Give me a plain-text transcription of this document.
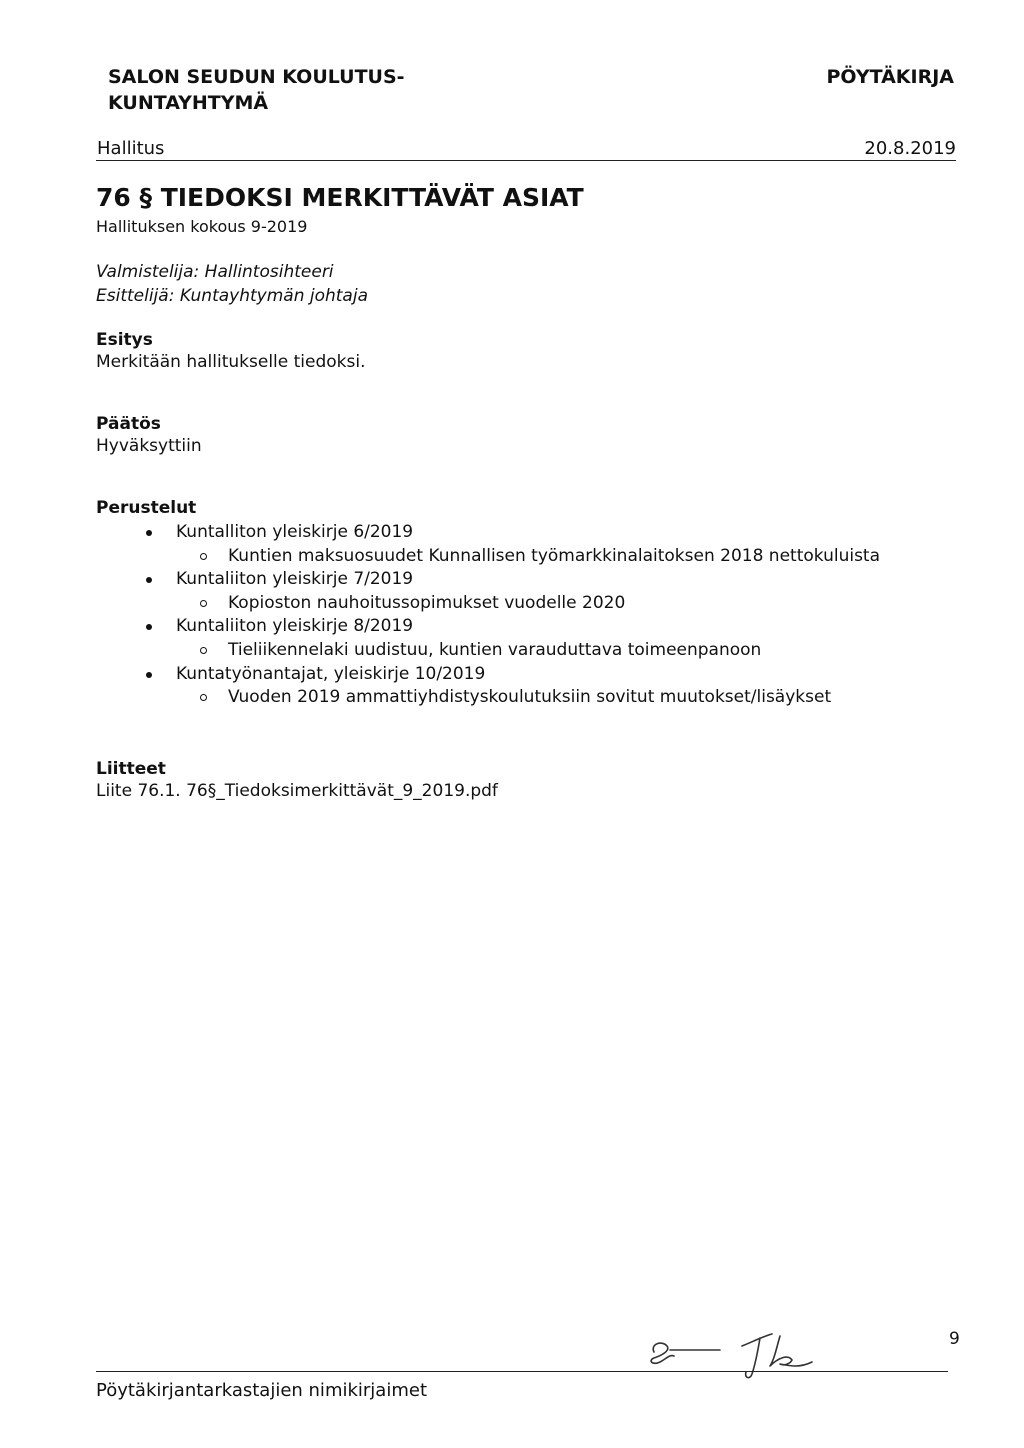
SALON SEUDUN KOULUTUS-
KUNTAYHTYMÄ
PÖYTÄKIRJA
Hallitus	20.8.2019
76 § TIEDOKSI MERKITTÄVÄT ASIAT

Hallituksen kokous 9-2019

Valmistelija: Hallintosihteeri

Esittelijä: Kuntayhtymän johtaja

Esitys

Merkitään hallitukselle tiedoksi.

Päätös

Hyväksyttiin

Perustelut

Kuntalliton yleiskirje 6/2019
Kuntien maksuosuudet Kunnallisen työmarkkinalaitoksen 2018 nettokuluista
Kuntaliiton yleiskirje 7/2019
Kopioston nauhoitussopimukset vuodelle 2020
Kuntaliiton yleiskirje 8/2019
Tieliikennelaki uudistuu, kuntien varauduttava toimeenpanoon
Kuntatyönantajat, yleiskirje 10/2019
Vuoden 2019 ammattiyhdistyskoulutuksiin sovitut muutokset/lisäykset

Liitteet

Liite 76.1. 76§_Tiedoksimerkittävät_9_2019.pdf

9
Pöytäkirjantarkastajien nimikirjaimet
